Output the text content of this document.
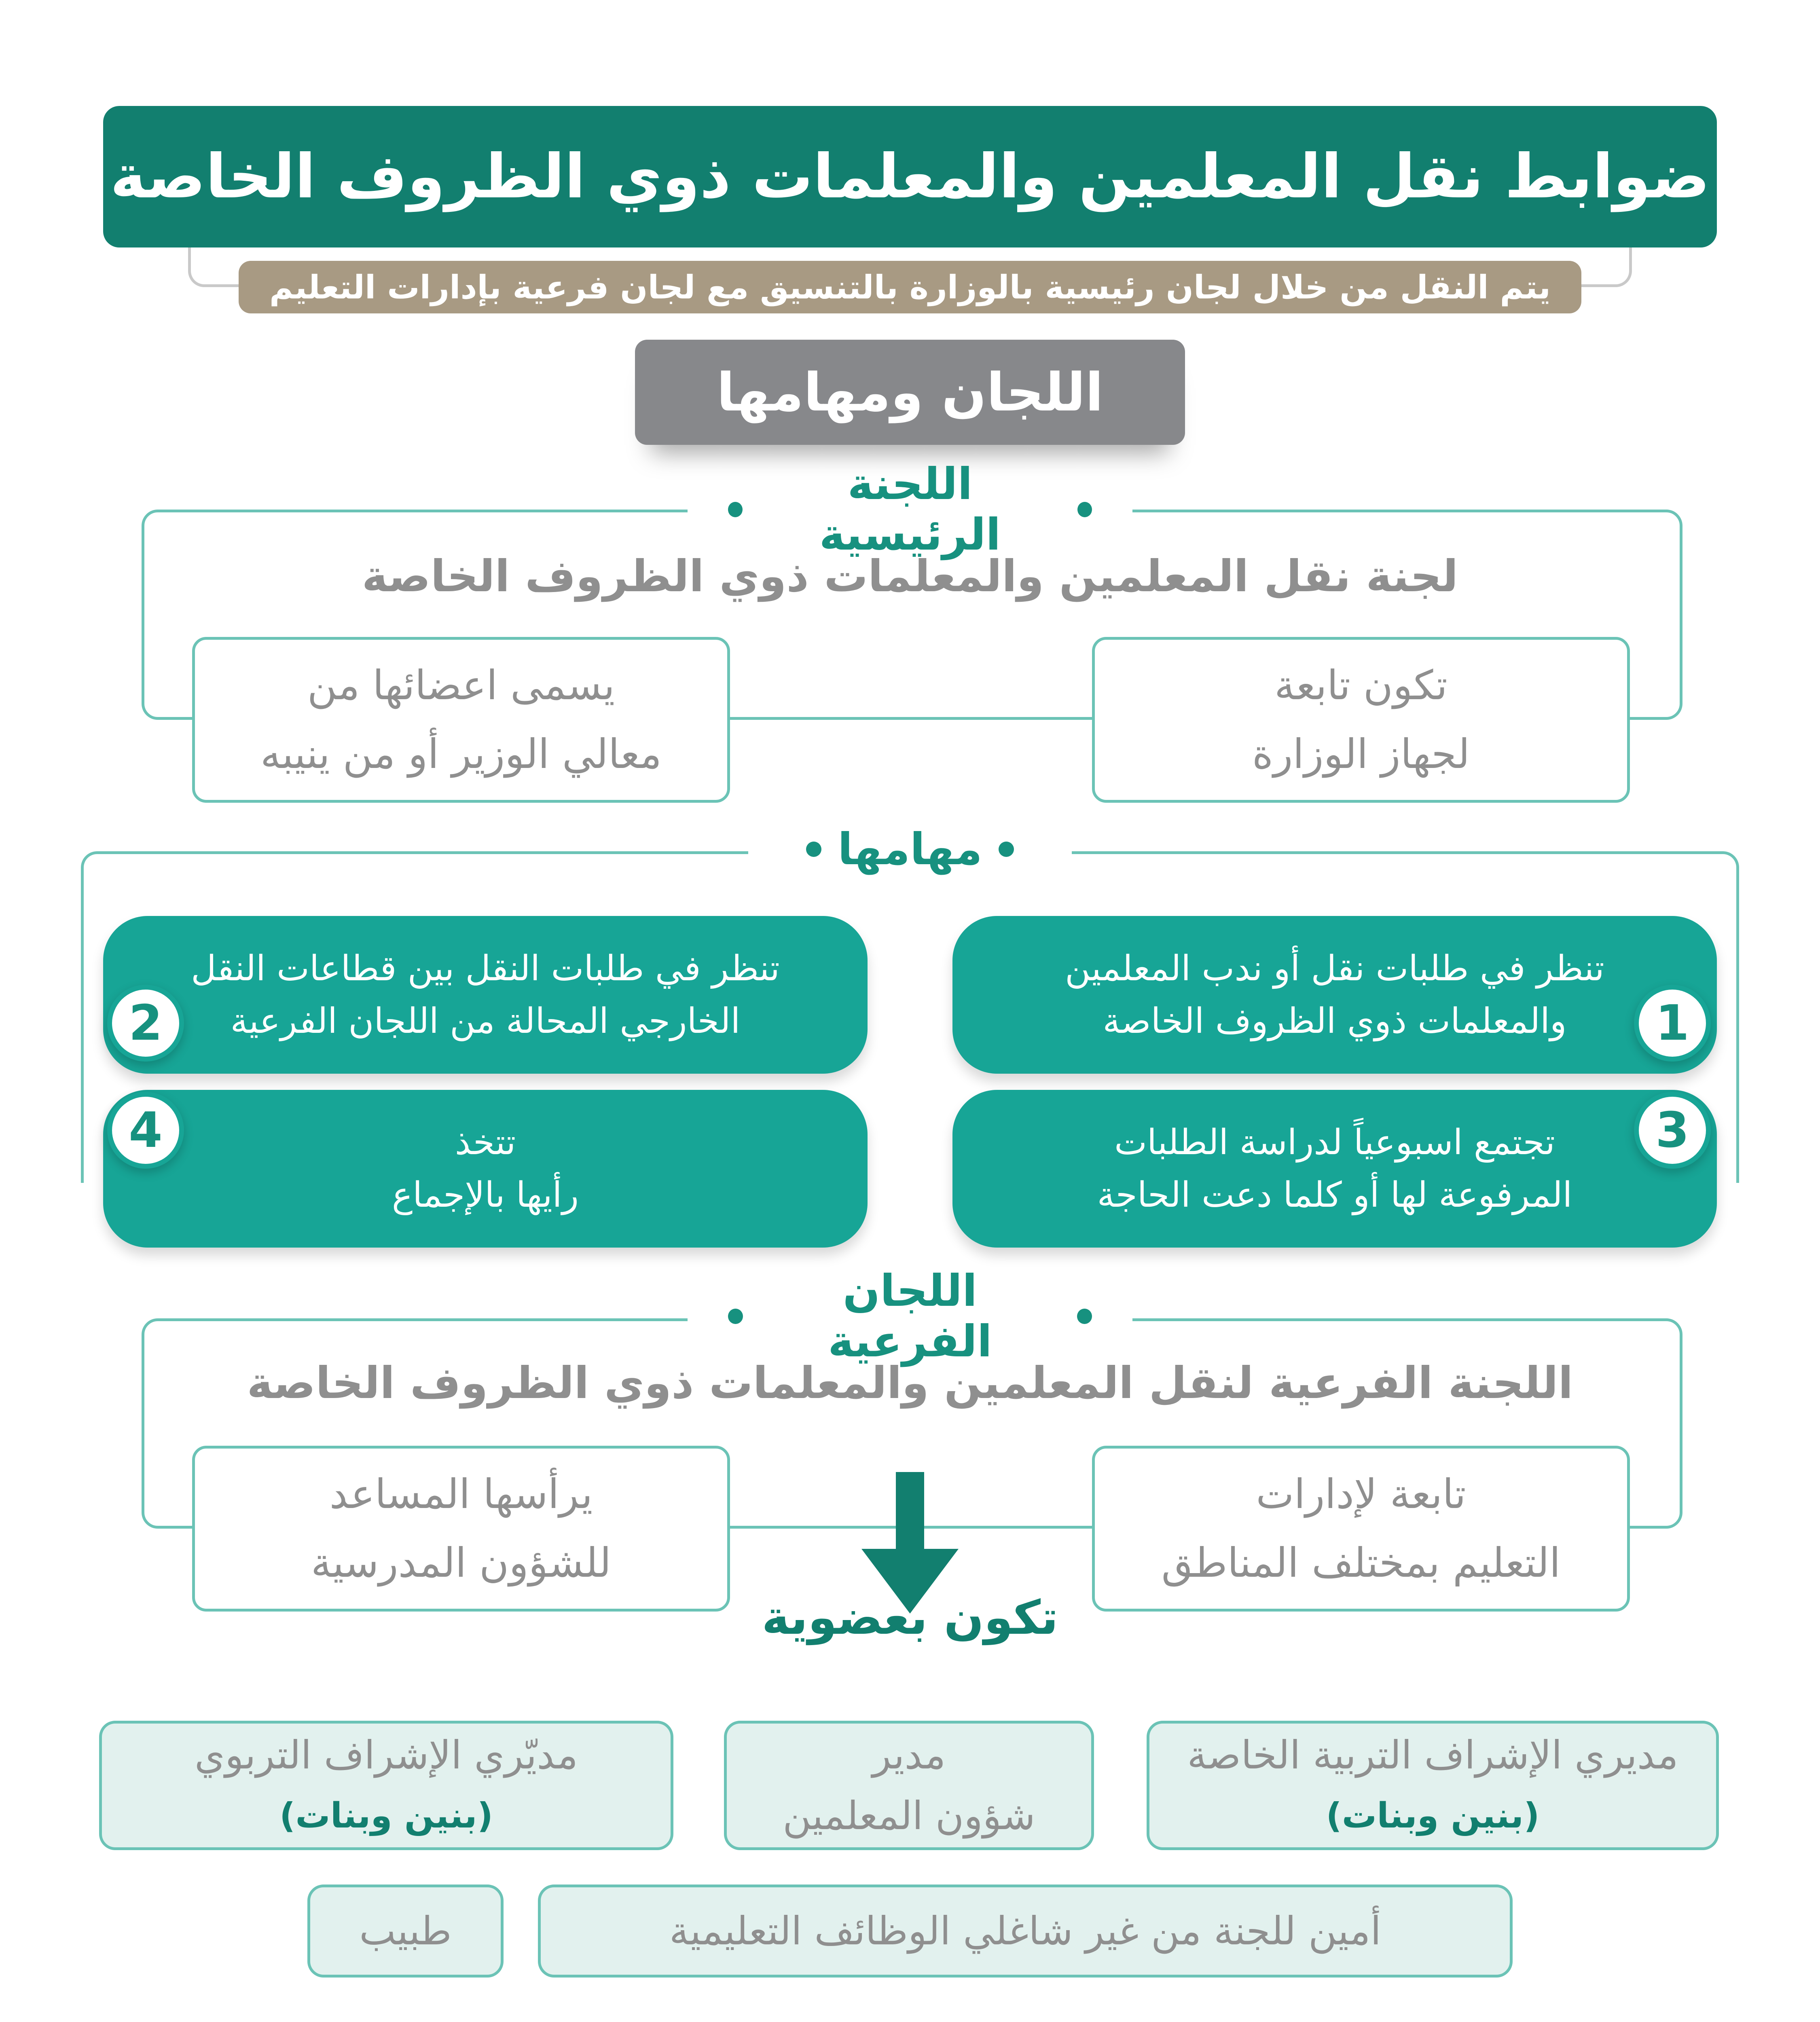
ضوابط نقل المعلمين والمعلمات ذوي الظروف الخاصة
يتم النقل من خلال لجان رئيسية بالوزارة بالتنسيق مع لجان فرعية بإدارات التعليم
اللجان ومهامها
اللجنة الرئيسية
لجنة نقل المعلمين والمعلمات ذوي الظروف الخاصة
تكون تابعة
لجهاز الوزارة
يسمى اعضائها من
معالي الوزير أو من ينيبه
مهامها
تنظر في طلبات نقل أو ندب المعلمين
والمعلمات ذوي الظروف الخاصة	1
تنظر في طلبات النقل بين قطاعات النقل
الخارجي المحالة من اللجان الفرعية
2
تجتمع اسبوعياً لدراسة الطلبات
المرفوعة لها أو كلما دعت الحاجة
3
تتخذ
رأيها بالإجماع
4
اللجان الفرعية
اللجنة الفرعية لنقل المعلمين والمعلمات ذوي الظروف الخاصة
تابعة لإدارات
التعليم بمختلف المناطق
يرأسها المساعد
للشؤون المدرسية
تكون بعضوية
مديري الإشراف التربية الخاصة
(بنين وبنات)
مدير
شؤون المعلمين
مديّري الإشراف التربوي
(بنين وبنات)
أمين للجنة من غير شاغلي الوظائف التعليمية
طبيب
